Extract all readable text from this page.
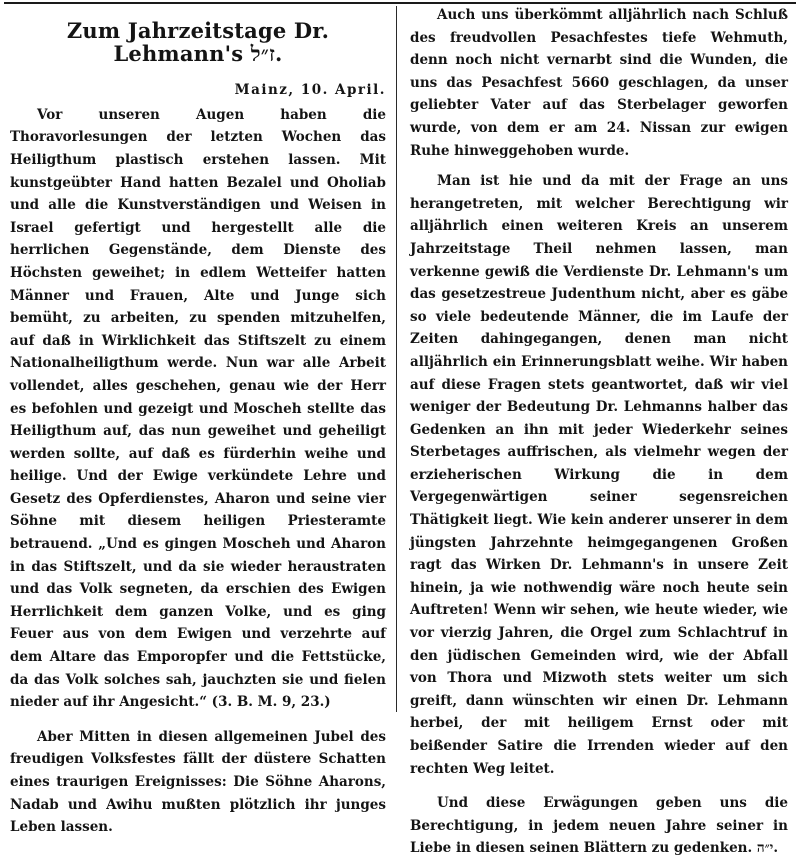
Zum Jahrzeitstage Dr. Lehmann's ז״ל.
Mainz, 10. April.

Vor unseren Augen haben die Thoravorlesungen der letzten Wochen das Heiligthum plastisch erstehen lassen. Mit kunstgeübter Hand hatten Bezalel und Oholiab und alle die Kunstverständigen und Weisen in Israel gefertigt und hergestellt alle die herrlichen Gegenstände, dem Dienste des Höchsten geweihet; in edlem Wetteifer hatten Männer und Frauen, Alte und Junge sich bemüht, zu arbeiten, zu spenden mitzuhelfen, auf daß in Wirklichkeit das Stiftszelt zu einem Nationalheiligthum werde. Nun war alle Arbeit vollendet, alles geschehen, genau wie der Herr es befohlen und gezeigt und Moscheh stellte das Heiligthum auf, das nun geweihet und geheiligt werden sollte, auf daß es fürderhin weihe und heilige. Und der Ewige verkündete Lehre und Gesetz des Opferdienstes, Aharon und seine vier Söhne mit diesem heiligen Priesteramte betrauend. „Und es gingen Moscheh und Aharon in das Stiftszelt, und da sie wieder heraustraten und das Volk segneten, da erschien des Ewigen Herrlichkeit dem ganzen Volke, und es ging Feuer aus von dem Ewigen und verzehrte auf dem Altare das Emporopfer und die Fettstücke, da das Volk solches sah, jauchzten sie und fielen nieder auf ihr Angesicht.“ (3. B. M. 9, 23.)

Aber Mitten in diesen allgemeinen Jubel des freudigen Volksfestes fällt der düstere Schatten eines traurigen Ereignisses: Die Söhne Aharons, Nadab und Awihu mußten plötzlich ihr junges Leben lassen.

Auch uns überkömmt alljährlich nach Schluß des freudvollen Pesachfestes tiefe Wehmuth, denn noch nicht vernarbt sind die Wunden, die uns das Pesachfest 5660 geschlagen, da unser geliebter Vater auf das Sterbelager geworfen wurde, von dem er am 24. Nissan zur ewigen Ruhe hinweggehoben wurde.

Man ist hie und da mit der Frage an uns herangetreten, mit welcher Berechtigung wir alljährlich einen weiteren Kreis an unserem Jahrzeitstage Theil nehmen lassen, man verkenne gewiß die Verdienste Dr. Lehmann's um das gesetzestreue Judenthum nicht, aber es gäbe so viele bedeutende Männer, die im Laufe der Zeiten dahingegangen, denen man nicht alljährlich ein Erinnerungsblatt weihe. Wir haben auf diese Fragen stets geantwortet, daß wir viel weniger der Bedeutung Dr. Lehmanns halber das Gedenken an ihn mit jeder Wiederkehr seines Sterbetages auffrischen, als vielmehr wegen der erzieherischen Wirkung die in dem Vergegenwärtigen seiner segensreichen Thätigkeit liegt. Wie kein anderer unserer in dem jüngsten Jahrzehnte heimgegangenen Großen ragt das Wirken Dr. Lehmann's in unsere Zeit hinein, ja wie nothwendig wäre noch heute sein Auftreten! Wenn wir sehen, wie heute wieder, wie vor vierzig Jahren, die Orgel zum Schlachtruf in den jüdischen Gemeinden wird, wie der Abfall von Thora und Mizwoth stets weiter um sich greift, dann wünschten wir einen Dr. Lehmann herbei, der mit heiligem Ernst oder mit beißender Satire die Irrenden wieder auf den rechten Weg leitet.

Und diese Erwägungen geben uns die Berechtigung, in jedem neuen Jahre seiner in Liebe in diesen seinen Blättern zu gedenken. י״ה.
